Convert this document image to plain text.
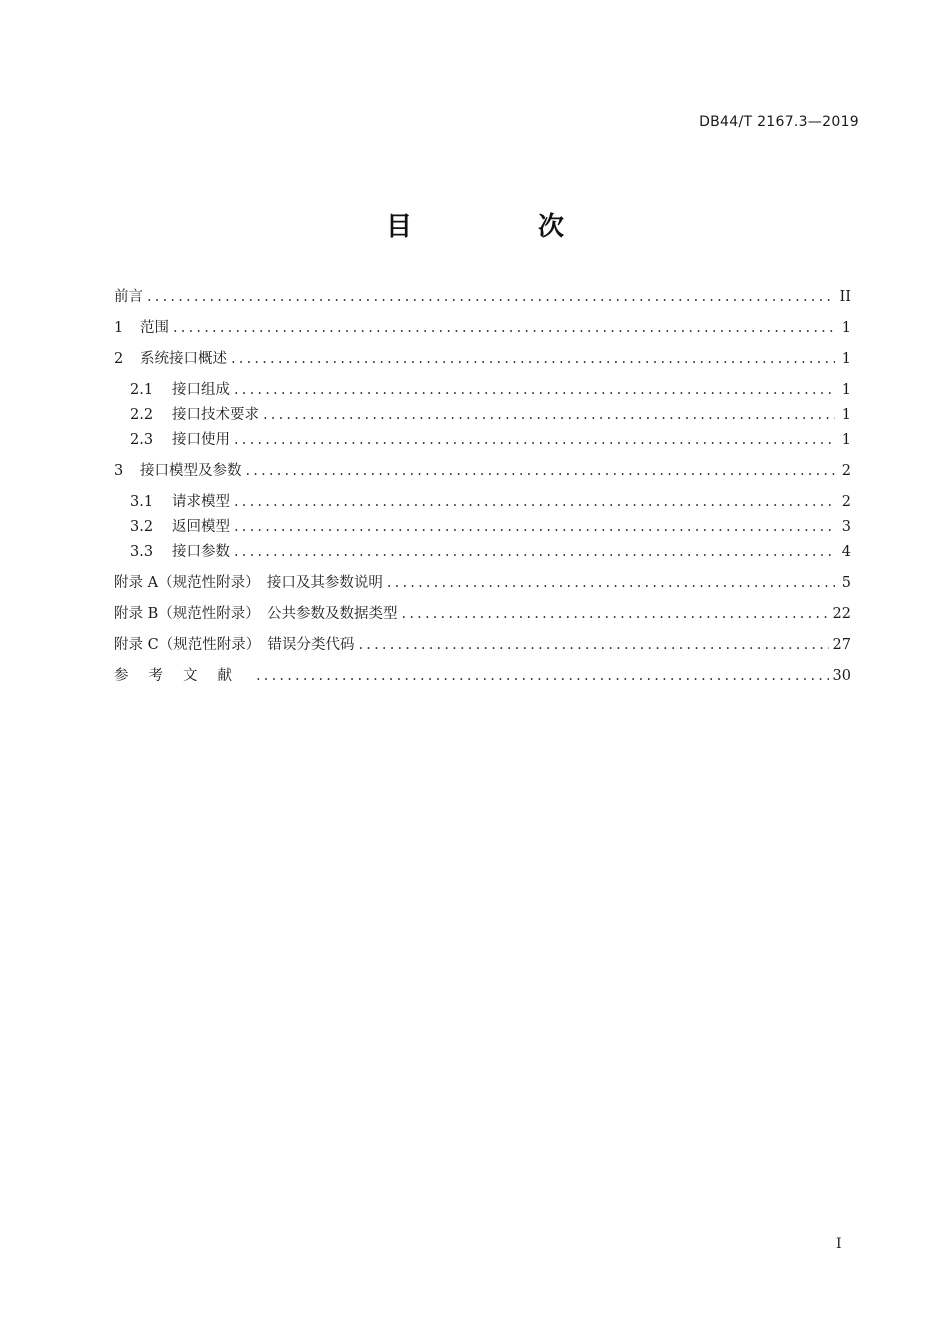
DB44/T 2167.3—2019
目　次
前言 .....	II
1 范围 .....	1
2 系统接口概述 .....	1
2.1 接口组成 .....	1
2.2 接口技术要求 .....	1
2.3 接口使用 .....	1
3 接口模型及参数 .....	2
3.1 请求模型 .....	2
3.2 返回模型 .....	3
3.3 接口参数 .....	4
附录 A（规范性附录）　接口及其参数说明 .....	5
附录 B（规范性附录）　公共参数及数据类型 .....	22
附录 C（规范性附录）　错误分类代码 .....	27
参考文献 .....	30
I
